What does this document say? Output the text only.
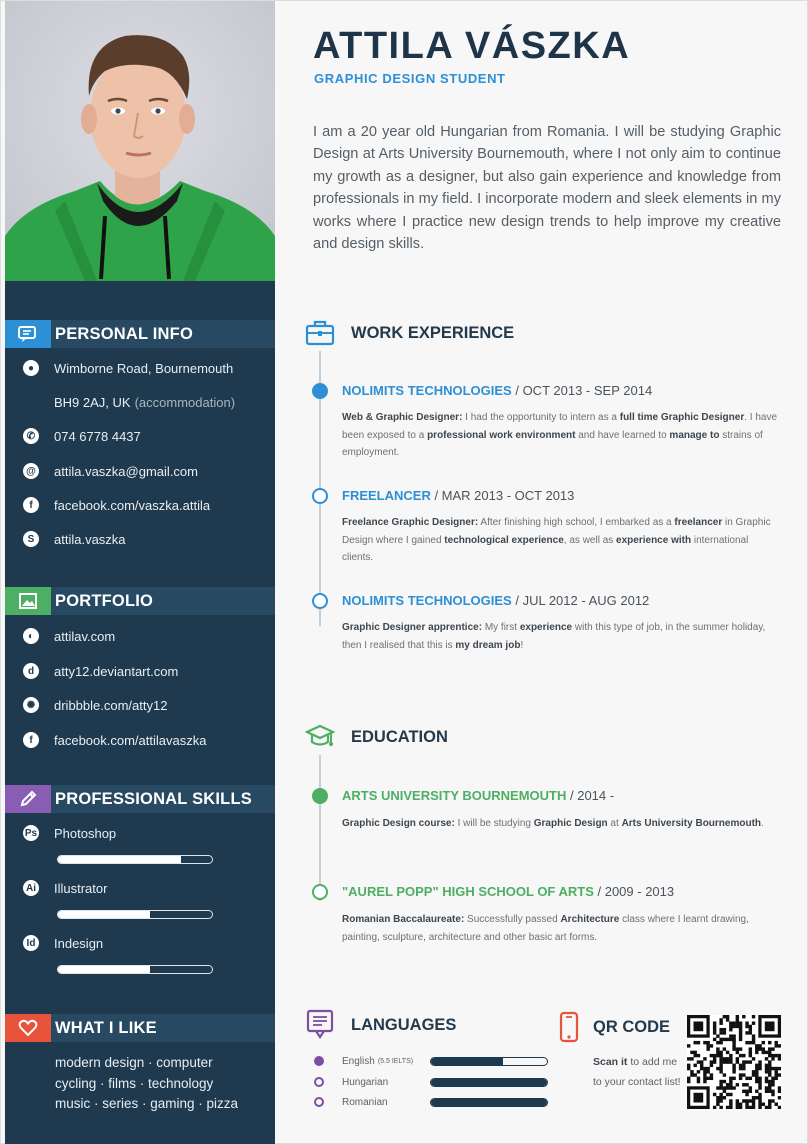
PERSONAL INFO
●	Wimborne Road, Bournemouth
BH9 2AJ, UK (accommodation)
✆ 074 6778 4437
@ attila.vaszka@gmail.com
f	facebook.com/vaszka.attila
S	attila.vaszka
PORTFOLIO
◐	attilav.com
d	atty12.deviantart.com
✺ dribbble.com/atty12
f	facebook.com/attilavaszka
PROFESSIONAL SKILLS
Ps Photoshop
Ai Illustrator
Id Indesign
WHAT I LIKE
modern design · computer
cycling · films · technology
music · series · gaming · pizza
ATTILA VÁSZKA
GRAPHIC DESIGN STUDENT
I am a 20 year old Hungarian from Romania. I will be studying Graphic Design at Arts University Bournemouth, where I not only aim to continue my growth as a designer, but also gain experience and knowledge from professionals in my field. I incorporate modern and sleek elements in my works where I practice new design trends to help improve my creative and design skills.
WORK EXPERIENCE
NOLIMITS TECHNOLOGIES / OCT 2013 - SEP 2014
Web & Graphic Designer: I had the opportunity to intern as a full time Graphic Designer. I have been exposed to a professional work environment and have learned to manage to strains of employment.
FREELANCER / MAR 2013 - OCT 2013
Freelance Graphic Designer: After finishing high school, I embarked as a freelancer in Graphic Design where I gained technological experience, as well as experience with international clients.
NOLIMITS TECHNOLOGIES / JUL 2012 - AUG 2012
Graphic Designer apprentice: My first experience with this type of job, in the summer holiday, then I realised that this is my dream job!
EDUCATION
ARTS UNIVERSITY BOURNEMOUTH / 2014 -
Graphic Design course: I will be studying Graphic Design at Arts University Bournemouth.
"AUREL POPP" HIGH SCHOOL OF ARTS / 2009 - 2013
Romanian Baccalaureate: Successfully passed Architecture class where I learnt drawing, painting, sculpture, architecture and other basic art forms.
LANGUAGES
English (5.5 IELTS)
Hungarian
Romanian
QR CODE
Scan it to add me to your contact list!
